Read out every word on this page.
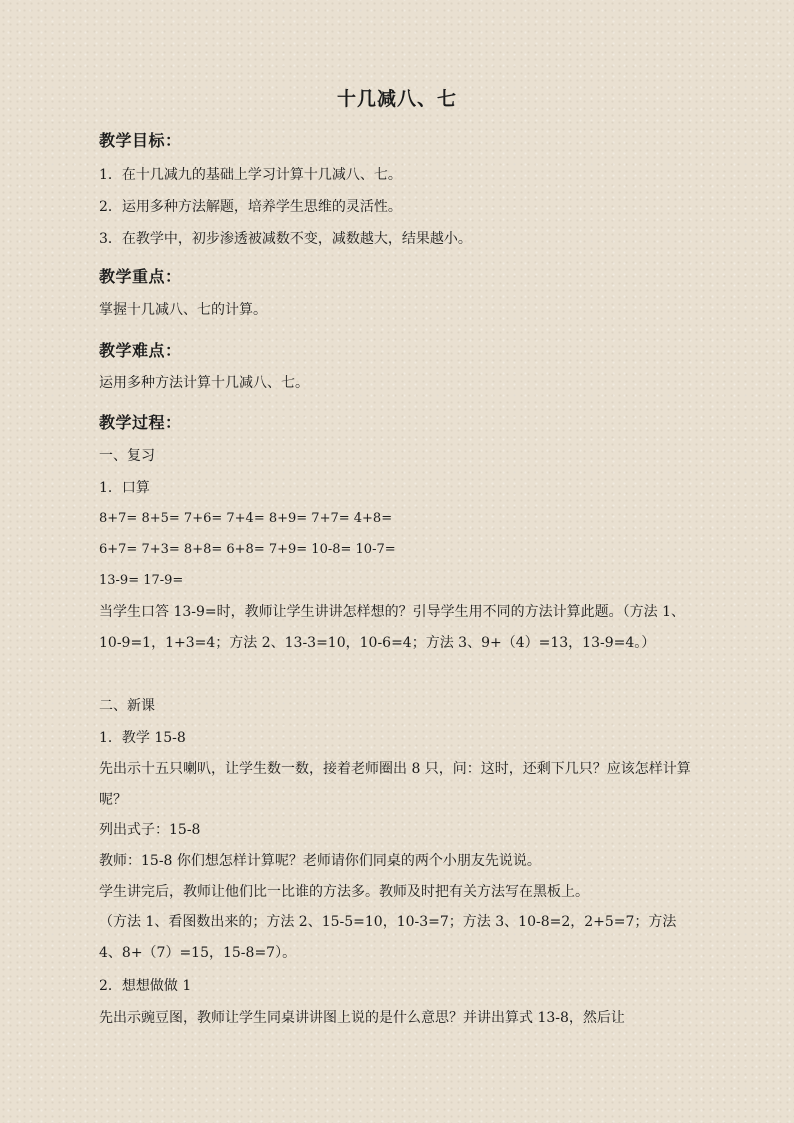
十几减八、七
教学目标：
1．在十几减九的基础上学习计算十几减八、七。
2．运用多种方法解题，培养学生思维的灵活性。
3．在教学中，初步渗透被减数不变，减数越大，结果越小。
教学重点：
掌握十几减八、七的计算。
教学难点：
运用多种方法计算十几减八、七。
教学过程：
一、复习
1．口算
8+7= 8+5= 7+6= 7+4= 8+9= 7+7= 4+8=
6+7= 7+3= 8+8= 6+8= 7+9= 10-8= 10-7=
13-9= 17-9=
当学生口答 13-9=时，教师让学生讲讲怎样想的？引导学生用不同的方法计算此题。（方法 1、10-9=1，1+3=4；方法 2、13-3=10，10-6=4；方法 3、9+（4）=13，13-9=4。）
二、新课
1．教学 15-8
先出示十五只喇叭，让学生数一数，接着老师圈出 8 只，问：这时，还剩下几只？应该怎样计算呢？
列出式子：15-8
教师：15-8 你们想怎样计算呢？老师请你们同桌的两个小朋友先说说。
学生讲完后，教师让他们比一比谁的方法多。教师及时把有关方法写在黑板上。
（方法 1、看图数出来的；方法 2、15-5=10，10-3=7；方法 3、10-8=2，2+5=7；方法 4、8+（7）=15，15-8=7）。
2．想想做做 1
先出示豌豆图，教师让学生同桌讲讲图上说的是什么意思？并讲出算式 13-8，然后让
